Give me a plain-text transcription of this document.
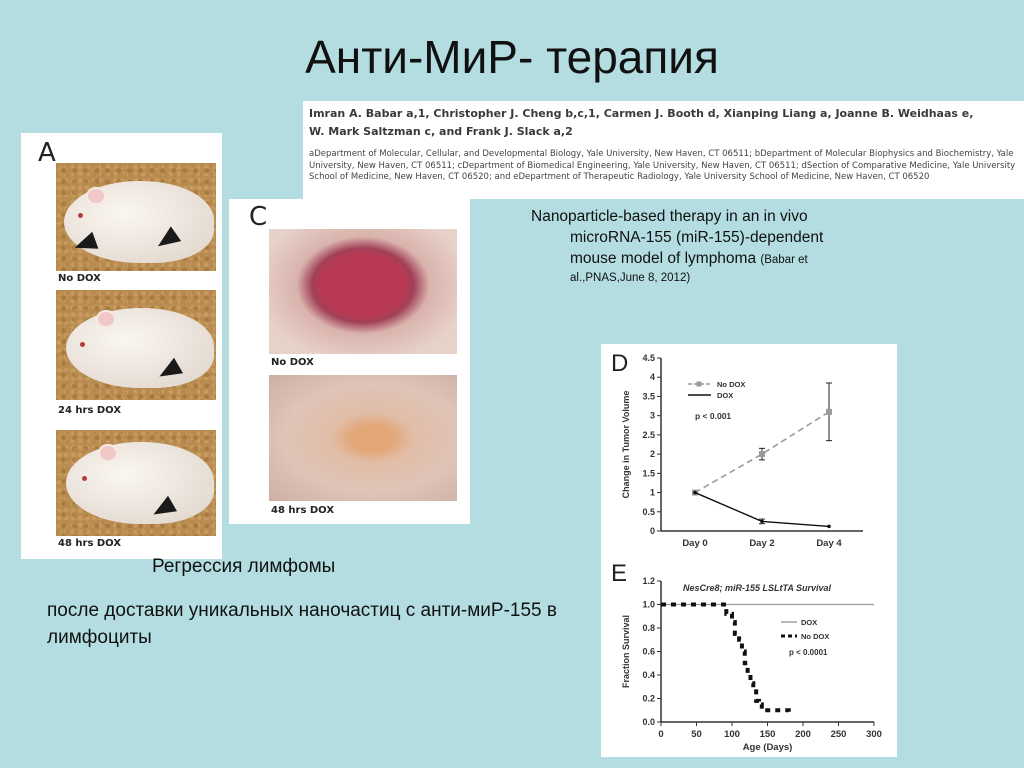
Анти-МиР- терапия
Imran A. Babar a,1, Christopher J. Cheng b,c,1, Carmen J. Booth d, Xianping Liang a, Joanne B. Weidhaas e,
W. Mark Saltzman c, and Frank J. Slack a,2
aDepartment of Molecular, Cellular, and Developmental Biology, Yale University, New Haven, CT 06511; bDepartment of Molecular Biophysics and Biochemistry, Yale University, New Haven, CT 06511; cDepartment of Biomedical Engineering, Yale University, New Haven, CT 06511; dSection of Comparative Medicine, Yale University School of Medicine, New Haven, CT 06520; and eDepartment of Therapeutic Radiology, Yale University School of Medicine, New Haven, CT 06520
Nanoparticle-based therapy in an in vivo
microRNA-155 (miR-155)-dependent
mouse model of lymphoma (Babar et
al.,PNAS,June 8, 2012)
A
No DOX
24 hrs DOX
48 hrs DOX
C
No DOX
48 hrs DOX
D
E
0
0.5
1
1.5
2
2.5
3
3.5
4
4.5
Day 0	Day 2	Day 4
Change in Tumor Volume
No DOX
DOX
p < 0.001
0.0
0.2
0.4
0.6
0.8
1.0
1.2
0	50 100 150 200 250 300
Age (Days)
Fraction Survival
NesCre8; miR-155 LSLtTA Survival
DOX
No DOX
p < 0.0001
Регрессия лимфомы
после доставки уникальных наночастиц с анти-миР-155 в лимфоциты
